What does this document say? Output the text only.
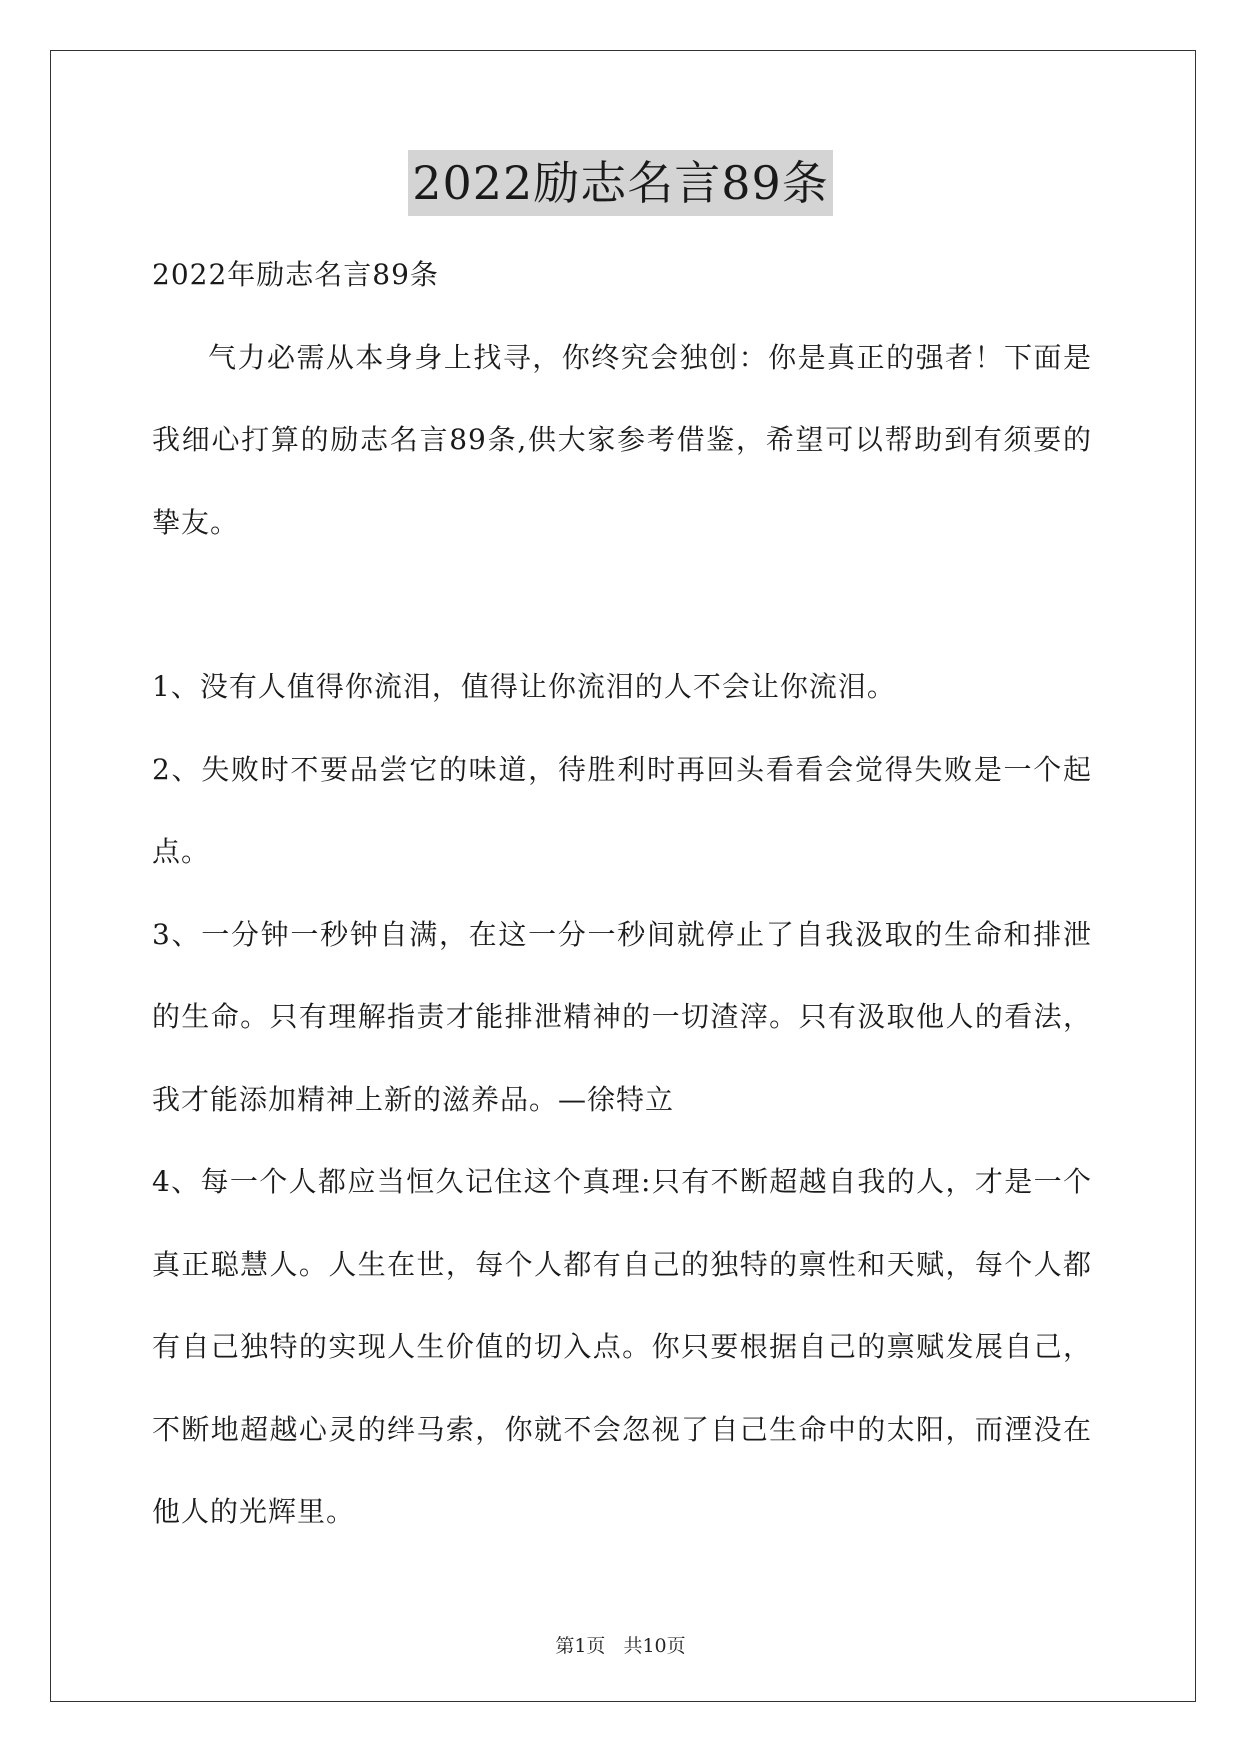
2022励志名言89条

2022年励志名言89条

气力必需从本身身上找寻，你终究会独创：你是真正的强者！下面是我细心打算的励志名言89条,供大家参考借鉴，希望可以帮助到有须要的挚友。

1、没有人值得你流泪，值得让你流泪的人不会让你流泪。

2、失败时不要品尝它的味道，待胜利时再回头看看会觉得失败是一个起点。

3、一分钟一秒钟自满，在这一分一秒间就停止了自我汲取的生命和排泄的生命。只有理解指责才能排泄精神的一切渣滓。只有汲取他人的看法，我才能添加精神上新的滋养品。—徐特立

4、每一个人都应当恒久记住这个真理:只有不断超越自我的人，才是一个真正聪慧人。人生在世，每个人都有自己的独特的禀性和天赋，每个人都有自己独特的实现人生价值的切入点。你只要根据自己的禀赋发展自己，不断地超越心灵的绊马索，你就不会忽视了自己生命中的太阳，而湮没在他人的光辉里。

第1页 共10页
